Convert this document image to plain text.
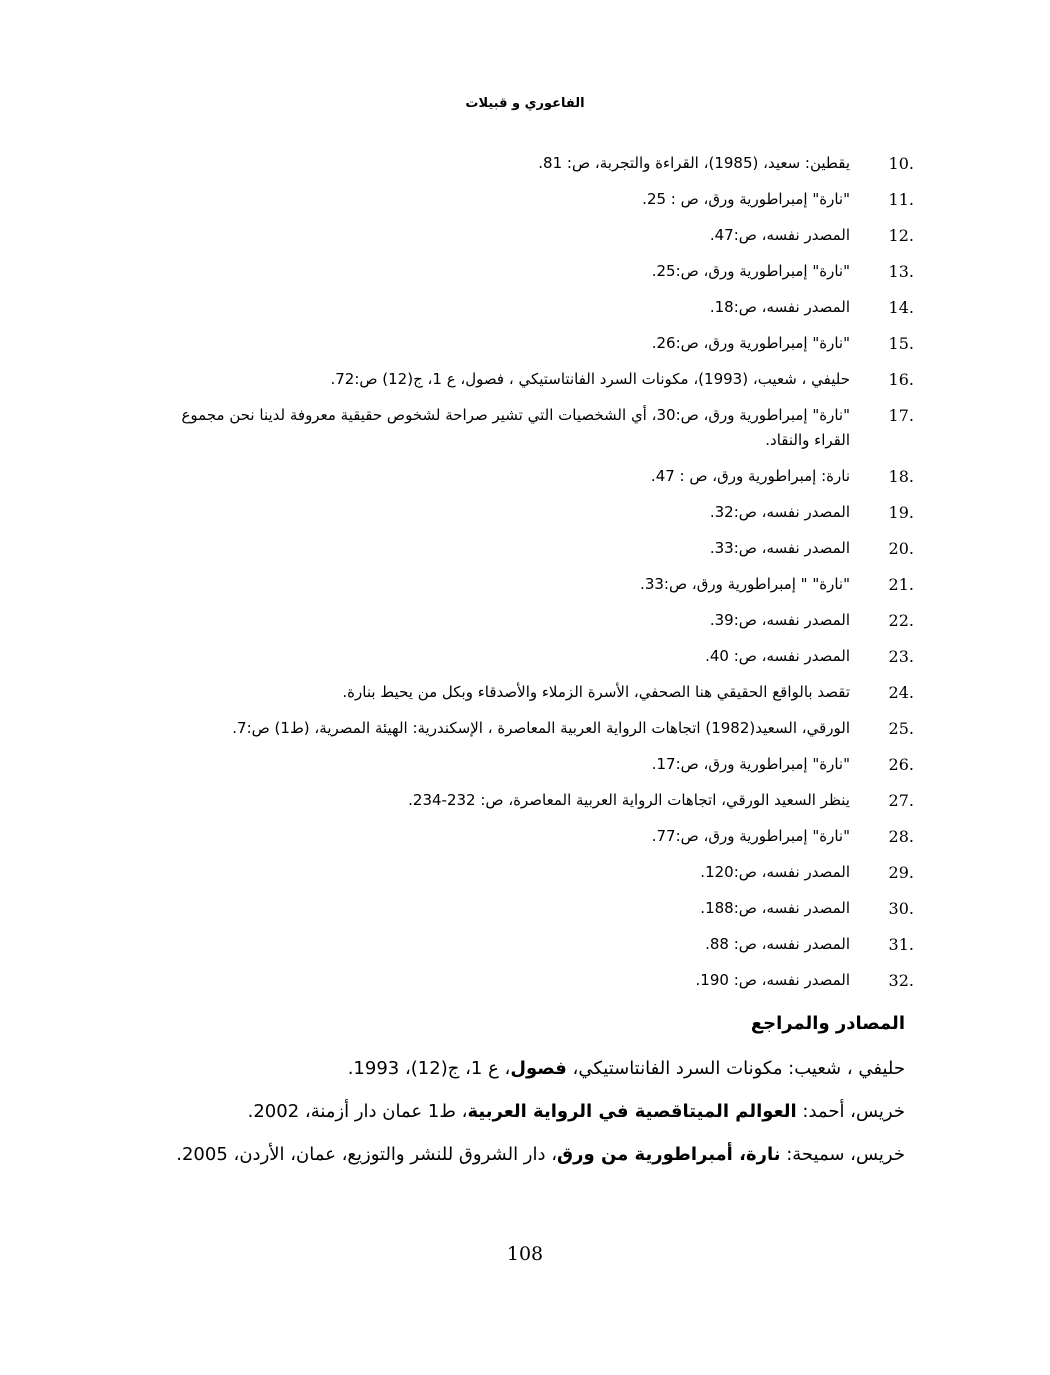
الفاعوري و قبيلات
10.
يقطين: سعيد، (1985)، القراءة والتجربة، ص: 81.
11.
"نارة" إمبراطورية ورق، ص : 25.
12.
المصدر نفسه، ص:47.
13.
"نارة" إمبراطورية ورق، ص:25.
14.
المصدر نفسه، ص:18.
15.
"نارة" إمبراطورية ورق، ص:26.
16.
حليفي ، شعيب، (1993)، مكونات السرد الفانتاستيكي ، فصول، ع 1، ج(12) ص:72.
17.
"نارة" إمبراطورية ورق، ص:30، أي الشخصيات التي تشير صراحة لشخوص حقيقية معروفة لدينا نحن مجموع القراء والنقاد.
18.
نارة: إمبراطورية ورق، ص : 47.
19.
المصدر نفسه، ص:32.
20.
المصدر نفسه، ص:33.
21.
"نارة" " إمبراطورية ورق، ص:33.
22.
المصدر نفسه، ص:39.
23.
المصدر نفسه، ص: 40.
24.
تقصد بالواقع الحقيقي هنا الصحفي، الأسرة الزملاء والأصدقاء وبكل من يحيط بنارة.
25.
الورقي، السعيد(1982) اتجاهات الرواية العربية المعاصرة ، الإسكندرية: الهيئة المصرية، (ط1) ص:7.
26.
"نارة" إمبراطورية ورق، ص:17.
27.
ينظر السعيد الورقي، اتجاهات الرواية العربية المعاصرة، ص: 232-234.
28.
"نارة" إمبراطورية ورق، ص:77.
29.
المصدر نفسه، ص:120.
30.
المصدر نفسه، ص:188.
31.
المصدر نفسه، ص: 88.
32.
المصدر نفسه، ص: 190.
المصادر والمراجع
حليفي ، شعيب: مكونات السرد الفانتاستيكي، فصول، ع 1، ج(12)، 1993.
خريس، أحمد: العوالم الميتاقصية في الرواية العربية، ط1 عمان دار أزمنة، 2002.
خريس، سميحة: نارة، أمبراطورية من ورق، دار الشروق للنشر والتوزيع، عمان، الأردن، 2005.
108
